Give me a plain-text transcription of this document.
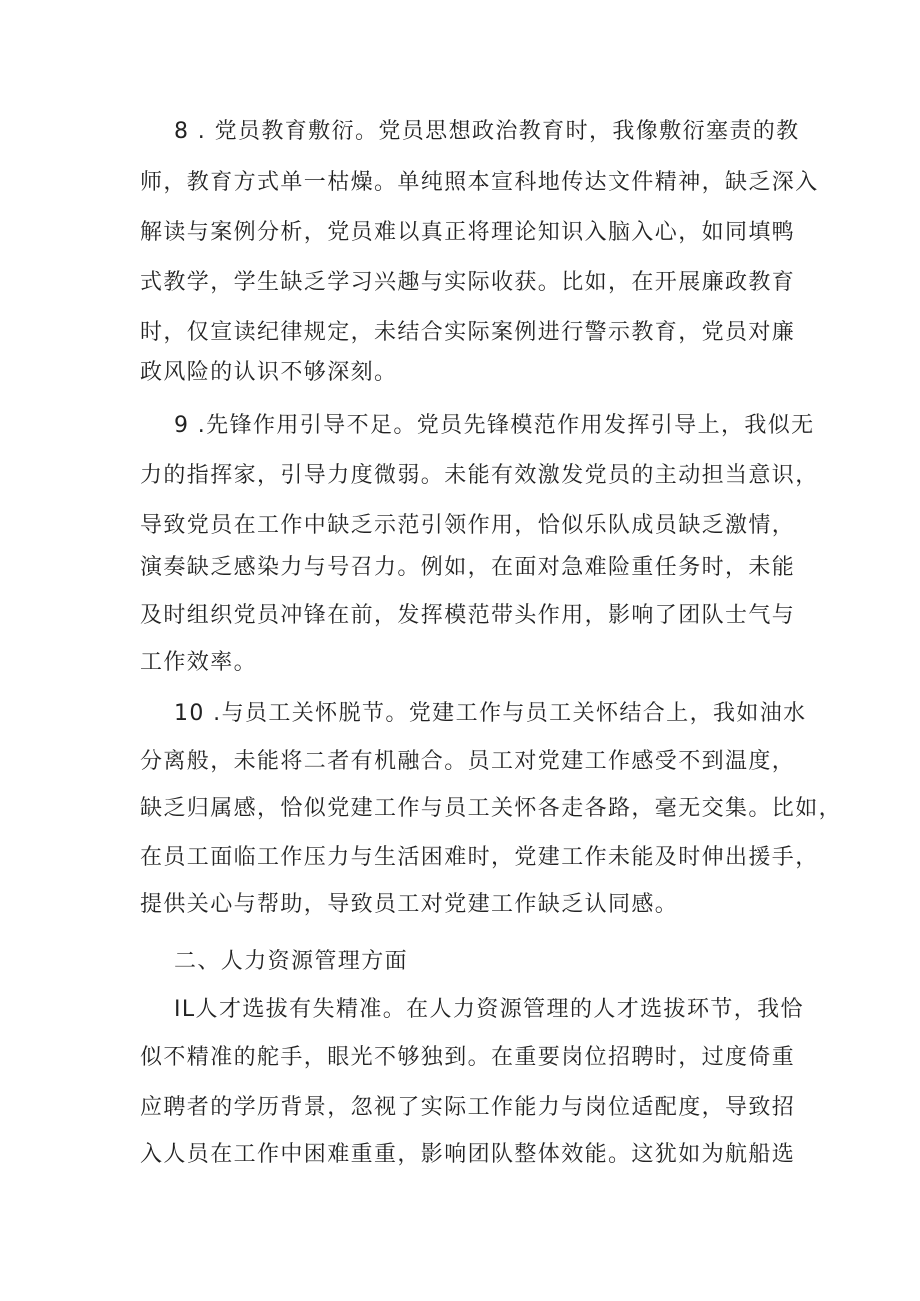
8 . 党员教育敷衍。党员思想政治教育时，我像敷衍塞责的教
师，教育方式单一枯燥。单纯照本宣科地传达文件精神，缺乏深入
解读与案例分析，党员难以真正将理论知识入脑入心，如同填鸭
式教学，学生缺乏学习兴趣与实际收获。比如，在开展廉政教育
时，仅宣读纪律规定，未结合实际案例进行警示教育，党员对廉
政风险的认识不够深刻。
9 .先锋作用引导不足。党员先锋模范作用发挥引导上，我似无
力的指挥家，引导力度微弱。未能有效激发党员的主动担当意识，
导致党员在工作中缺乏示范引领作用，恰似乐队成员缺乏激情，
演奏缺乏感染力与号召力。例如，在面对急难险重任务时，未能
及时组织党员冲锋在前，发挥模范带头作用，影响了团队士气与
工作效率。
10 .与员工关怀脱节。党建工作与员工关怀结合上，我如油水
分离般，未能将二者有机融合。员工对党建工作感受不到温度，
缺乏归属感，恰似党建工作与员工关怀各走各路，毫无交集。比如，
在员工面临工作压力与生活困难时，党建工作未能及时伸出援手，
提供关心与帮助，导致员工对党建工作缺乏认同感。
二、人力资源管理方面
IL人才选拔有失精准。在人力资源管理的人才选拔环节，我恰
似不精准的舵手，眼光不够独到。在重要岗位招聘时，过度倚重
应聘者的学历背景，忽视了实际工作能力与岗位适配度，导致招
入人员在工作中困难重重，影响团队整体效能。这犹如为航船选
